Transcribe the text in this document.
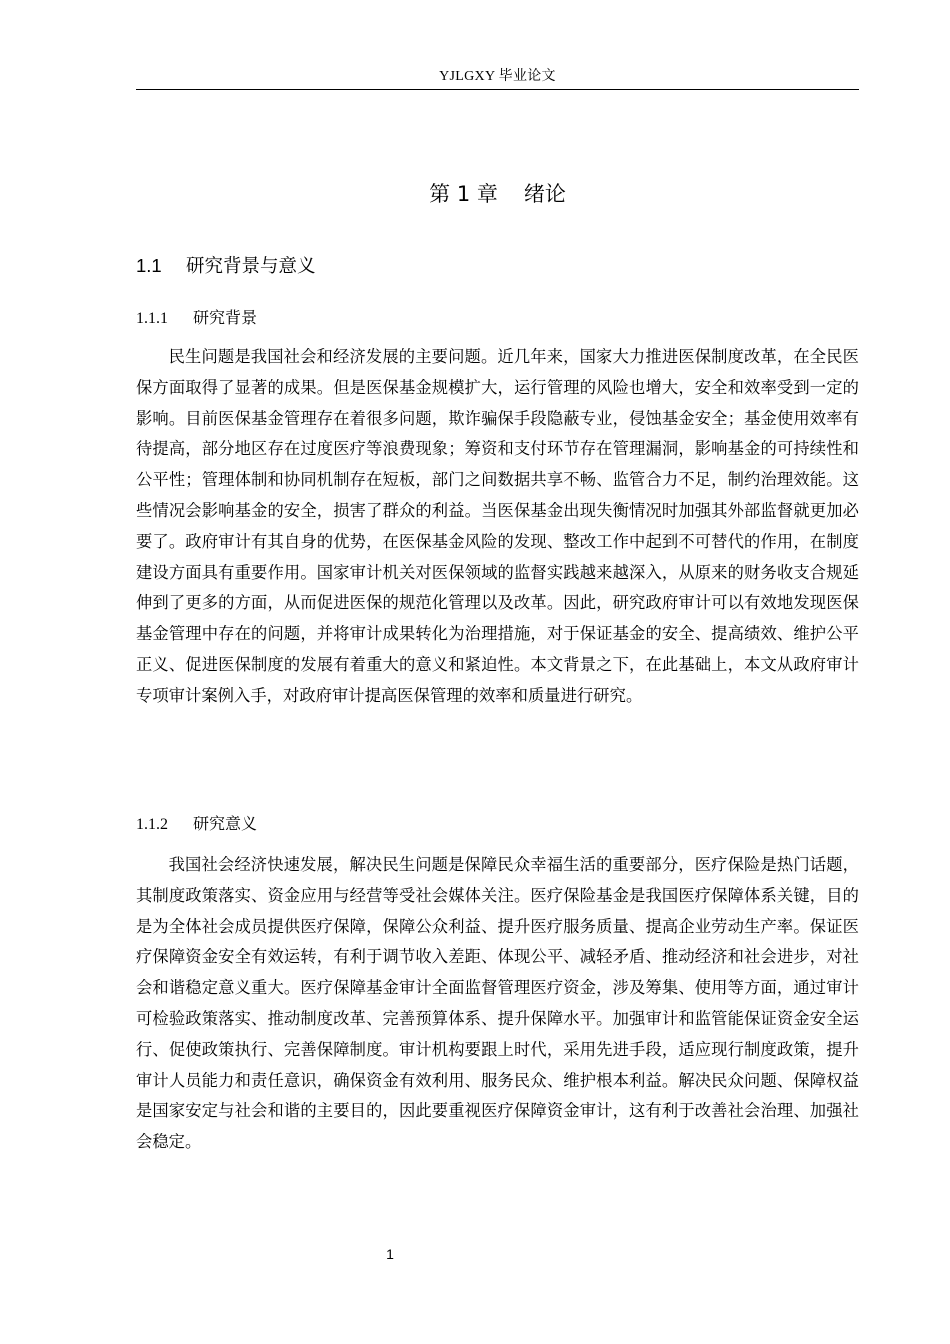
YJLGXY 毕业论文
第 1 章 绪论
1.1 研究背景与意义
1.1.1 研究背景

民生问题是我国社会和经济发展的主要问题。近几年来，国家大力推进医保制度改革，在全民医保方面取得了显著的成果。但是医保基金规模扩大，运行管理的风险也增大，安全和效率受到一定的影响。目前医保基金管理存在着很多问题，欺诈骗保手段隐蔽专业，侵蚀基金安全；基金使用效率有待提高，部分地区存在过度医疗等浪费现象；筹资和支付环节存在管理漏洞，影响基金的可持续性和公平性；管理体制和协同机制存在短板，部门之间数据共享不畅、监管合力不足，制约治理效能。这些情况会影响基金的安全，损害了群众的利益。当医保基金出现失衡情况时加强其外部监督就更加必要了。政府审计有其自身的优势，在医保基金风险的发现、整改工作中起到不可替代的作用，在制度建设方面具有重要作用。国家审计机关对医保领域的监督实践越来越深入，从原来的财务收支合规延伸到了更多的方面，从而促进医保的规范化管理以及改革。因此，研究政府审计可以有效地发现医保基金管理中存在的问题，并将审计成果转化为治理措施，对于保证基金的安全、提高绩效、维护公平正义、促进医保制度的发展有着重大的意义和紧迫性。本文背景之下，在此基础上，本文从政府审计专项审计案例入手，对政府审计提高医保管理的效率和质量进行研究。

1.1.2 研究意义

我国社会经济快速发展，解决民生问题是保障民众幸福生活的重要部分，医疗保险是热门话题，其制度政策落实、资金应用与经营等受社会媒体关注。医疗保险基金是我国医疗保障体系关键，目的是为全体社会成员提供医疗保障，保障公众利益、提升医疗服务质量、提高企业劳动生产率。保证医疗保障资金安全有效运转，有利于调节收入差距、体现公平、减轻矛盾、推动经济和社会进步，对社会和谐稳定意义重大。医疗保障基金审计全面监督管理医疗资金，涉及筹集、使用等方面，通过审计可检验政策落实、推动制度改革、完善预算体系、提升保障水平。加强审计和监管能保证资金安全运行、促使政策执行、完善保障制度。审计机构要跟上时代，采用先进手段，适应现行制度政策，提升审计人员能力和责任意识，确保资金有效利用、服务民众、维护根本利益。解决民众问题、保障权益是国家安定与社会和谐的主要目的，因此要重视医疗保障资金审计，这有利于改善社会治理、加强社会稳定。

1
